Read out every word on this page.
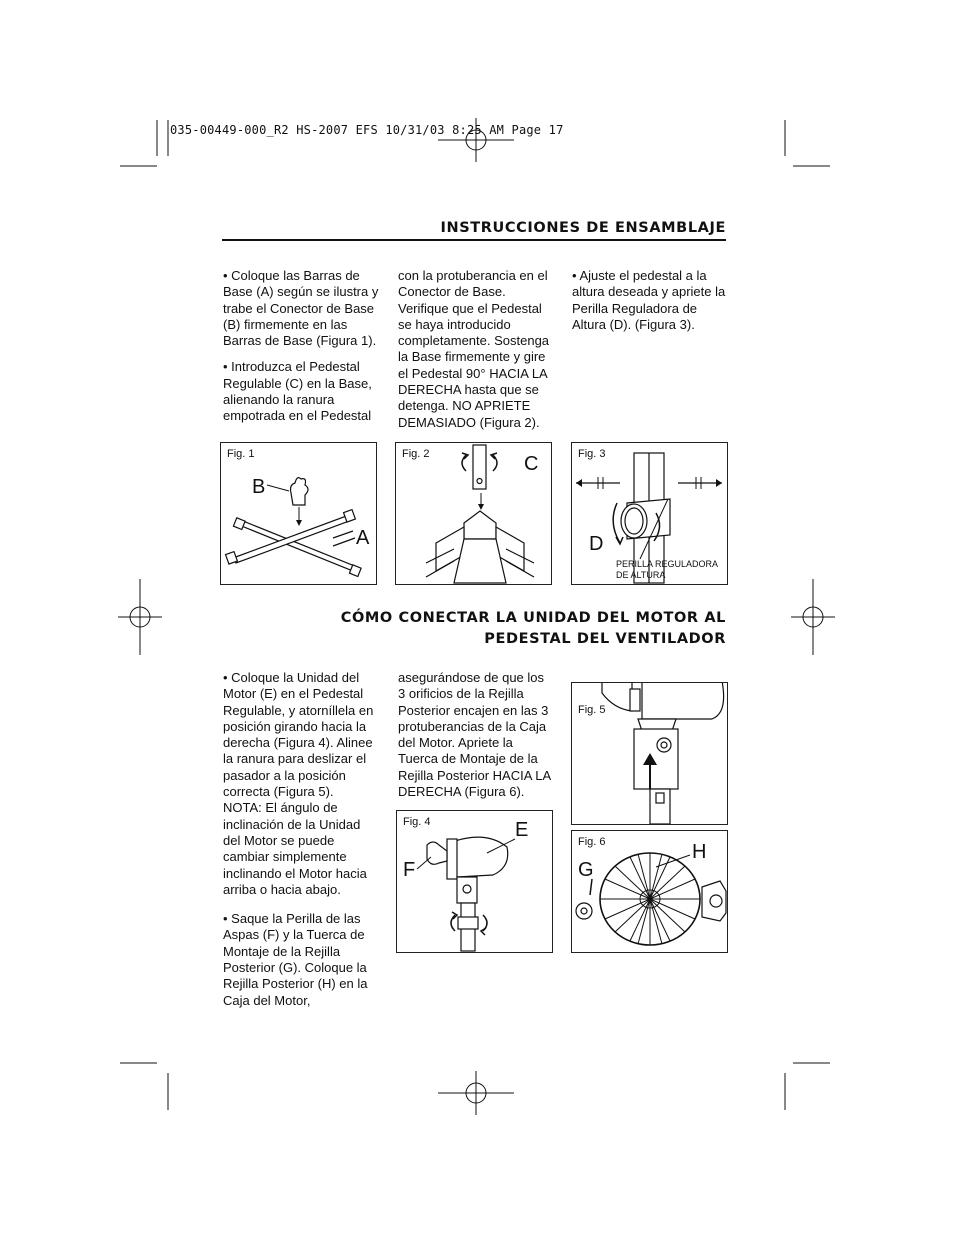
035-00449-000_R2 HS-2007 EFS 10/31/03 8:25 AM Page 17
INSTRUCCIONES DE ENSAMBLAJE

• Coloque las Barras de Base (A) según se ilustra y trabe el Conector de Base (B) firmemente en las Barras de Base (Figura 1).

• Introduzca el Pedestal Regulable (C) en la Base, alienando la ranura empotrada en el Pedestal

con la protuberancia en el Conector de Base. Verifique que el Pedestal se haya introducido completamente. Sostenga la Base firmemente y gire el Pedestal 90° HACIA LA DERECHA hasta que se detenga. NO APRIETE DEMASIADO (Figura 2).

• Ajuste el pedestal a la altura deseada y apriete la Perilla Reguladora de Altura (D). (Figura 3).

Fig. 1
B
A
Fig. 2	C	Fig. 3
D
PERILLA REGULADORA
DE ALTURA
CÓMO CONECTAR LA UNIDAD DEL MOTOR AL
PEDESTAL DEL VENTILADOR

• Coloque la Unidad del Motor (E) en el Pedestal Regulable, y atorníllela en posición girando hacia la derecha (Figura 4). Alinee la ranura para deslizar el pasador a la posición correcta (Figura 5). NOTA: El ángulo de inclinación de la Unidad del Motor se puede cambiar simplemente inclinando el Motor hacia arriba o hacia abajo.

• Saque la Perilla de las Aspas (F) y la Tuerca de Montaje de la Rejilla Posterior (G). Coloque la Rejilla Posterior (H) en la Caja del Motor,

asegurándose de que los 3 orificios de la Rejilla Posterior encajen en las 3 protuberancias de la Caja del Motor. Apriete la Tuerca de Montaje de la Rejilla Posterior HACIA LA DERECHA (Figura 6).

Fig. 4	E
F
Fig. 5
Fig. 6
G
H
